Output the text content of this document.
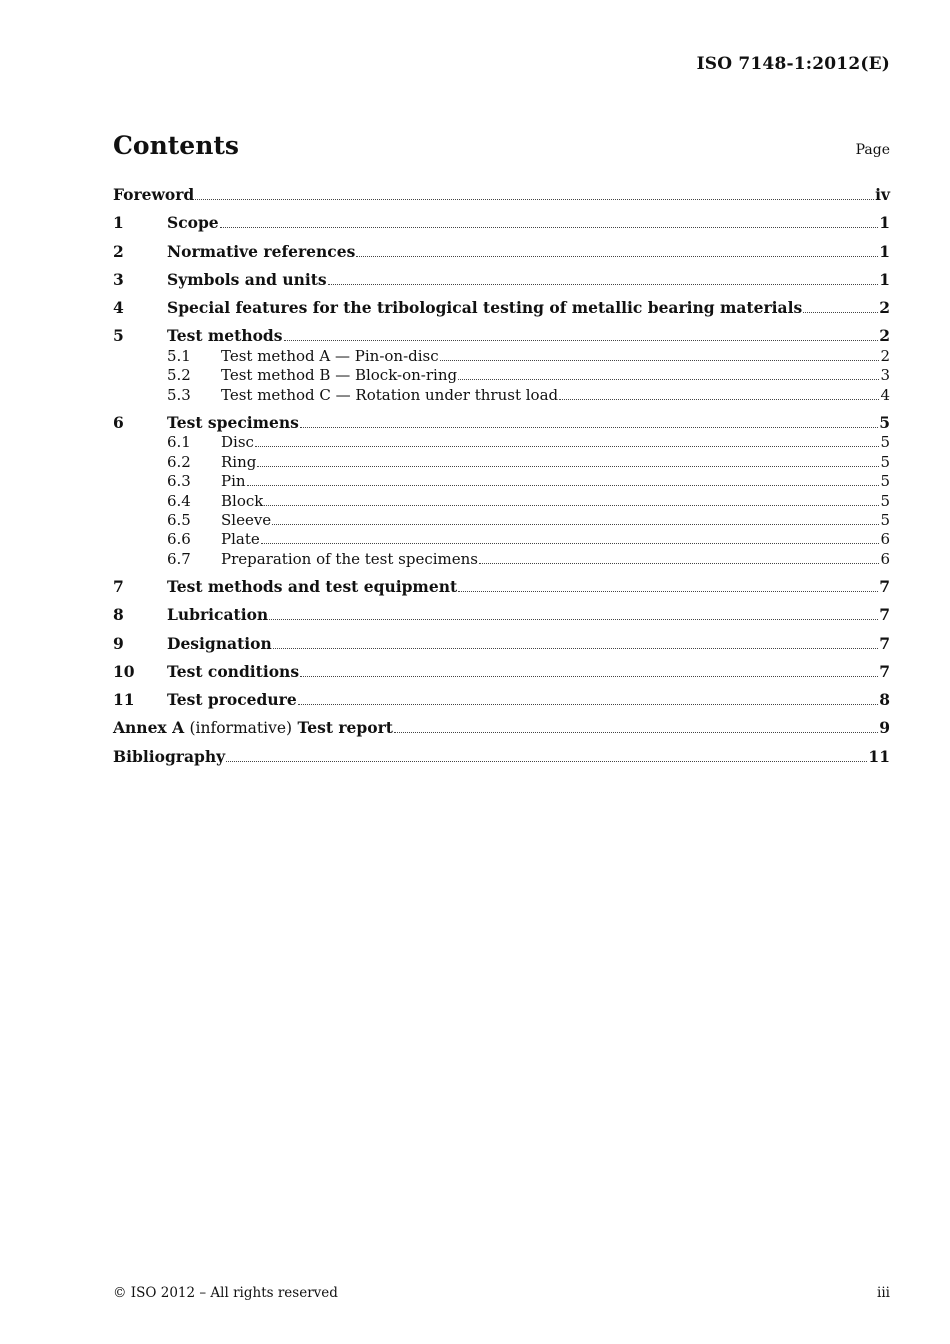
ISO 7148-1:2012(E)
Contents	Page
Foreword	iv
1	Scope	1
2	Normative references	1
3	Symbols and units	1
4	Special features for the tribological testing of metallic bearing materials	2
5	Test methods	2
5.1	Test method A — Pin-on-disc	2
5.2	Test method B — Block-on-ring	3
5.3	Test method C — Rotation under thrust load	4
6	Test specimens	5
6.1	Disc	5
6.2	Ring	5
6.3	Pin	5
6.4	Block	5
6.5	Sleeve	5
6.6	Plate	6
6.7	Preparation of the test specimens	6
7	Test methods and test equipment	7
8	Lubrication	7
9	Designation	7
10	Test conditions	7
11	Test procedure	8
Annex A (informative) Test report	9
Bibliography	11
© ISO 2012 – All rights reserved	iii
